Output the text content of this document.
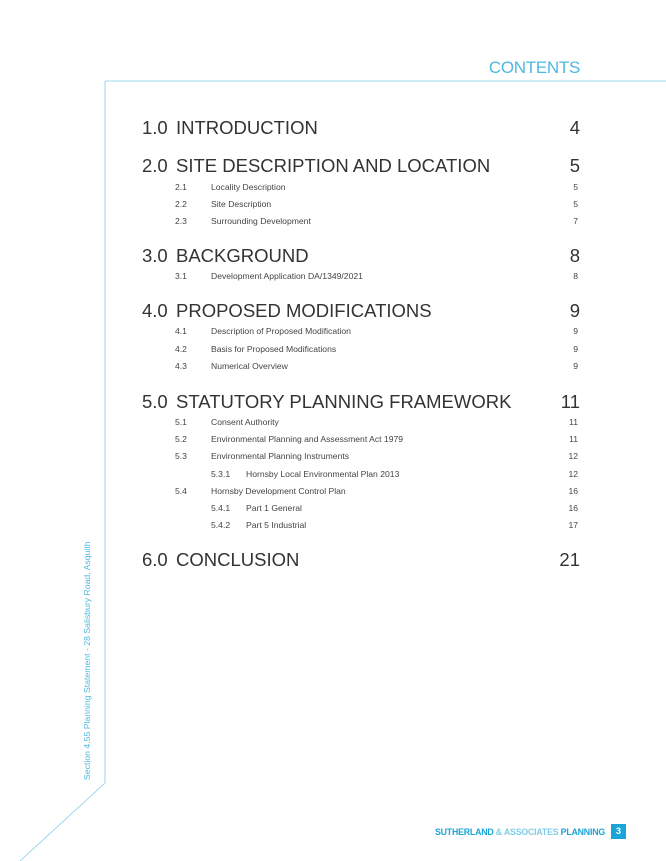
CONTENTS
1.0 INTRODUCTION	4
2.0 SITE DESCRIPTION AND LOCATION	5
2.1	Locality Description	5
2.2	Site Description	5
2.3	Surrounding Development	7
3.0 BACKGROUND	8
3.1	Development Application DA/1349/2021	8
4.0 PROPOSED MODIFICATIONS	9
4.1	Description of Proposed Modification	9
4.2	Basis for Proposed Modifications	9
4.3	Numerical Overview	9
5.0 STATUTORY PLANNING FRAMEWORK	11
5.1	Consent Authority	11
5.2	Environmental Planning and Assessment Act 1979	11
5.3	Environmental Planning Instruments	12
5.3.1 Hornsby Local Environmental Plan 2013	12
5.4	Hornsby Development Control Plan	16
5.4.1 Part 1 General	16
5.4.2 Part 5 Industrial	17
6.0 CONCLUSION	21
Section 4.55 Planning Statement - 28 Salisbury Road, Asquith
SUTHERLAND & ASSOCIATES PLANNING	3
